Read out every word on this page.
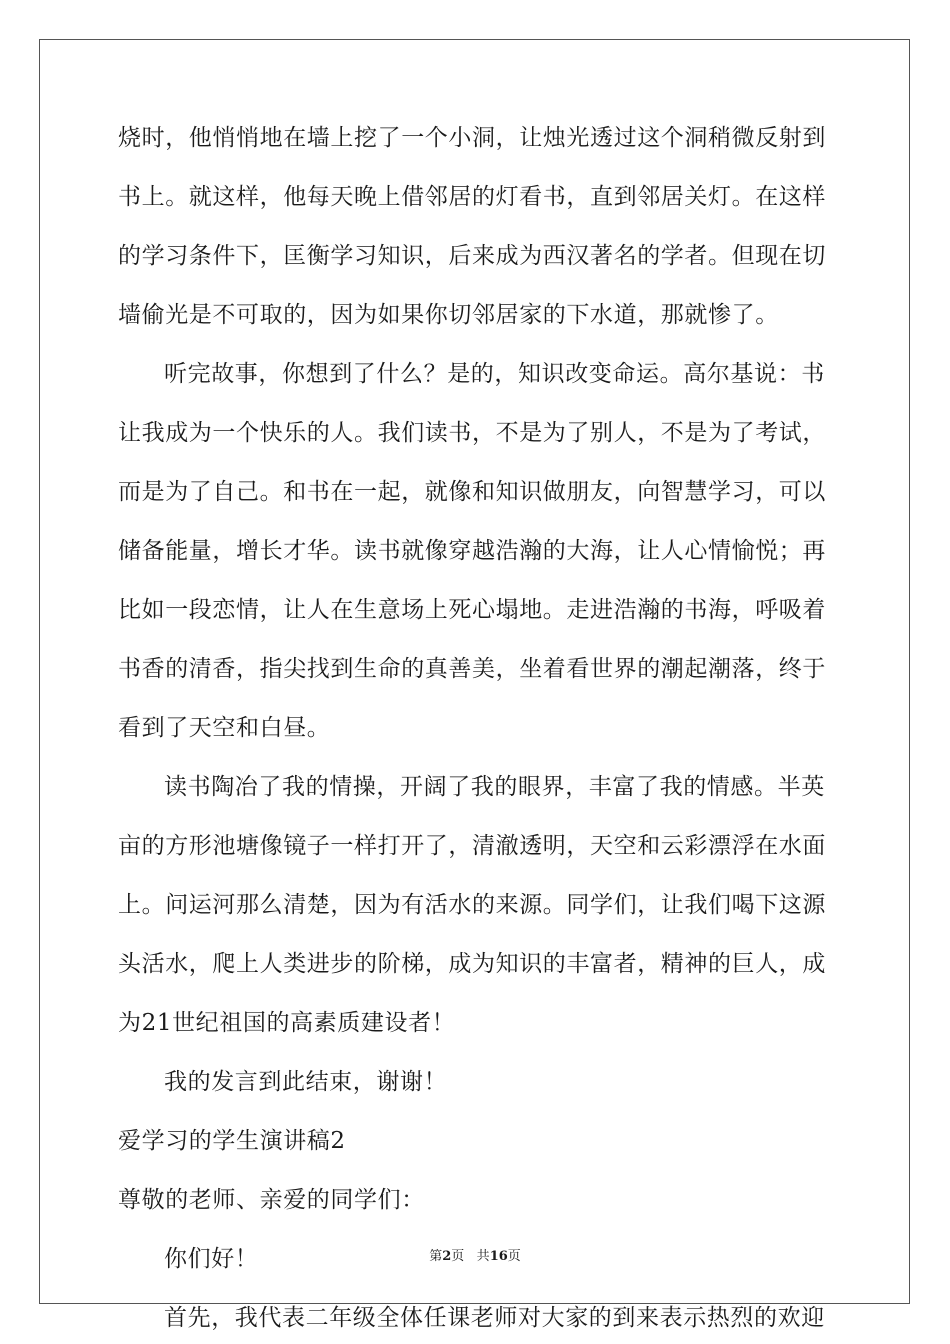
烧时，他悄悄地在墙上挖了一个小洞，让烛光透过这个洞稍微反射到
书上。就这样，他每天晚上借邻居的灯看书，直到邻居关灯。在这样
的学习条件下，匡衡学习知识，后来成为西汉著名的学者。但现在切
墙偷光是不可取的，因为如果你切邻居家的下水道，那就惨了。
听完故事，你想到了什么？是的，知识改变命运。高尔基说：书
让我成为一个快乐的人。我们读书，不是为了别人，不是为了考试，
而是为了自己。和书在一起，就像和知识做朋友，向智慧学习，可以
储备能量，增长才华。读书就像穿越浩瀚的大海，让人心情愉悦；再
比如一段恋情，让人在生意场上死心塌地。走进浩瀚的书海，呼吸着
书香的清香，指尖找到生命的真善美，坐着看世界的潮起潮落，终于
看到了天空和白昼。
读书陶冶了我的情操，开阔了我的眼界，丰富了我的情感。半英
亩的方形池塘像镜子一样打开了，清澈透明，天空和云彩漂浮在水面
上。问运河那么清楚，因为有活水的来源。同学们，让我们喝下这源
头活水，爬上人类进步的阶梯，成为知识的丰富者，精神的巨人，成
为21世纪祖国的高素质建设者！
我的发言到此结束，谢谢！
爱学习的学生演讲稿2
尊敬的老师、亲爱的同学们：
你们好！
首先，我代表二年级全体任课老师对大家的到来表示热烈的欢迎
第2页 共16页
